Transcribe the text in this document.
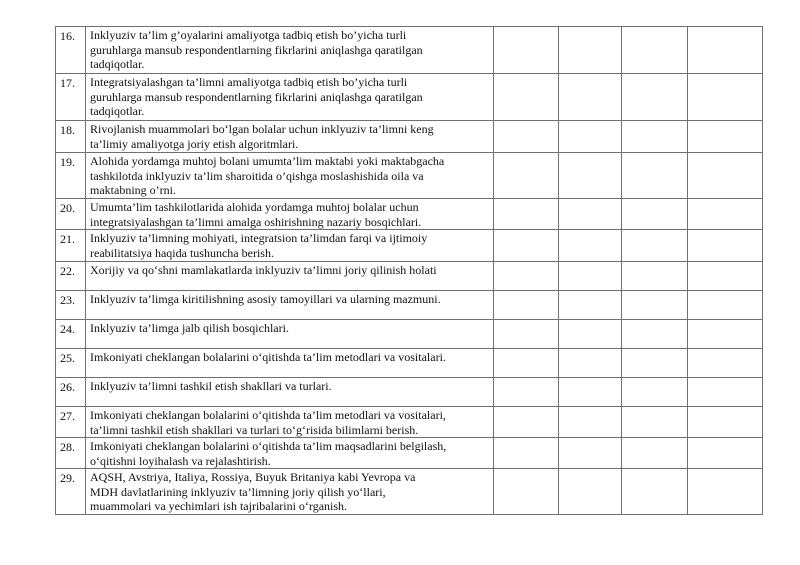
16.	Inklyuziv ta’lim g’oyalarini amaliyotga tadbiq etish bo’yicha turli
guruhlarga mansub respondentlarning fikrlarini aniqlashga qaratilgan
tadqiqotlar.				

17.	Integratsiyalashgan ta’limni amaliyotga tadbiq etish bo’yicha turli
guruhlarga mansub respondentlarning fikrlarini aniqlashga qaratilgan
tadqiqotlar.				

18.	Rivojlanish muammolari bo‘lgan bolalar uchun inklyuziv ta’limni keng
ta’limiy amaliyotga joriy etish algoritmlari.				

19.	Alohida yordamga muhtoj bolani umumta’lim maktabi yoki maktabgacha
tashkilotda inklyuziv ta’lim sharoitida o’qishga moslashishida oila va
maktabning o’rni.				

20.	Umumta’lim tashkilotlarida alohida yordamga muhtoj bolalar uchun
integratsiyalashgan ta’limni amalga oshirishning nazariy bosqichlari.				

21.	Inklyuziv ta’limning mohiyati, integratsion ta’limdan farqi va ijtimoiy
reabilitatsiya haqida tushuncha berish.				

22.	Xorijiy va qo‘shni mamlakatlarda inklyuziv ta’limni joriy qilinish holati				

23.	Inklyuziv ta’limga kiritilishning asosiy tamoyillari va ularning mazmuni.				

24.	Inklyuziv ta’limga jalb qilish bosqichlari.				

25.	Imkoniyati cheklangan bolalarini o‘qitishda ta’lim metodlari va vositalari.				

26.	Inklyuziv ta’limni tashkil etish shakllari va turlari.				

27.	Imkoniyati cheklangan bolalarini o‘qitishda ta’lim metodlari va vositalari,
ta’limni tashkil etish shakllari va turlari to‘g‘risida bilimlarni berish.				

28.	Imkoniyati cheklangan bolalarini o‘qitishda ta’lim maqsadlarini belgilash,
o‘qitishni loyihalash va rejalashtirish.				

29.	AQSH, Avstriya, Italiya, Rossiya, Buyuk Britaniya kabi Yevropa va
MDH davlatlarining inklyuziv ta’limning joriy qilish yo‘llari,
muammolari va yechimlari ish tajribalarini o‘rganish.				
